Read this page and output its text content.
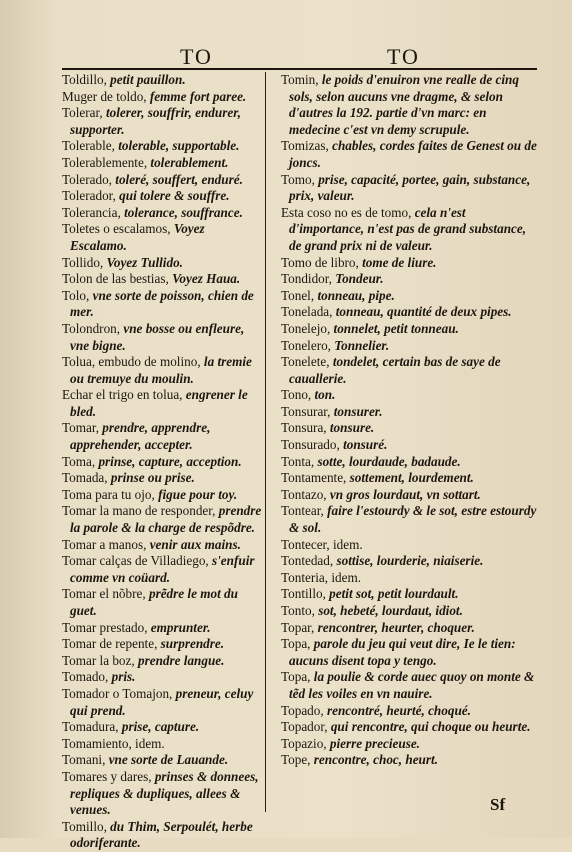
TO	TO

Toldillo, petit pauillon.

Muger de toldo, femme fort paree.

Tolerar, tolerer, souffrir, endurer, supporter.

Tolerable, tolerable, supportable.

Tolerablemente, tolerablement.

Tolerado, toleré, souffert, enduré.

Tolerador, qui tolere & souffre.

Tolerancia, tolerance, souffrance.

Toletes o escalamos, Voyez Escalamo.

Tollido, Voyez Tullido.

Tolon de las bestias, Voyez Haua.

Tolo, vne sorte de poisson, chien de mer.

Tolondron, vne bosse ou enfleure, vne bigne.

Tolua, embudo de molino, la tremie ou tremuye du moulin.

Echar el trigo en tolua, engrener le bled.

Tomar, prendre, apprendre, apprehender, accepter.

Toma, prinse, capture, acception.

Tomada, prinse ou prise.

Toma para tu ojo, figue pour toy.

Tomar la mano de responder, prendre la parole & la charge de respõdre.

Tomar a manos, venir aux mains.

Tomar calças de Villadiego, s'enfuir comme vn coüard.

Tomar el nõbre, prẽdre le mot du guet.

Tomar prestado, emprunter.

Tomar de repente, surprendre.

Tomar la boz, prendre langue.

Tomado, pris.

Tomador o Tomajon, preneur, celuy qui prend.

Tomadura, prise, capture.

Tomamiento, idem.

Tomani, vne sorte de Lauande.

Tomares y dares, prinses & donnees, repliques & dupliques, allees & venues.

Tomillo, du Thim, Serpoulét, herbe odoriferante.

Tomin, le poids d'enuiron vne realle de cinq sols, selon aucuns vne dragme, & selon d'autres la 192. partie d'vn marc: en medecine c'est vn demy scrupule.

Tomizas, chables, cordes faites de Genest ou de joncs.

Tomo, prise, capacité, portee, gain, substance, prix, valeur.

Esta coso no es de tomo, cela n'est d'importance, n'est pas de grand substance, de grand prix ni de valeur.

Tomo de libro, tome de liure.

Tondidor, Tondeur.

Tonel, tonneau, pipe.

Tonelada, tonneau, quantité de deux pipes.

Tonelejo, tonnelet, petit tonneau.

Tonelero, Tonnelier.

Tonelete, tondelet, certain bas de saye de cauallerie.

Tono, ton.

Tonsurar, tonsurer.

Tonsura, tonsure.

Tonsurado, tonsuré.

Tonta, sotte, lourdaude, badaude.

Tontamente, sottement, lourdement.

Tontazo, vn gros lourdaut, vn sottart.

Tontear, faire l'estourdy & le sot, estre estourdy & sol.

Tontecer, idem.

Tontedad, sottise, lourderie, niaiserie.

Tonteria, idem.

Tontillo, petit sot, petit lourdault.

Tonto, sot, hebeté, lourdaut, idiot.

Topar, rencontrer, heurter, choquer.

Topa, parole du jeu qui veut dire, Ie le tien: aucuns disent topa y tengo.

Topa, la poulie & corde auec quoy on monte & tẽd les voiles en vn nauire.

Topado, rencontré, heurté, choqué.

Topador, qui rencontre, qui choque ou heurte.

Topazio, pierre precieuse.

Tope, rencontre, choc, heurt.

Sf
